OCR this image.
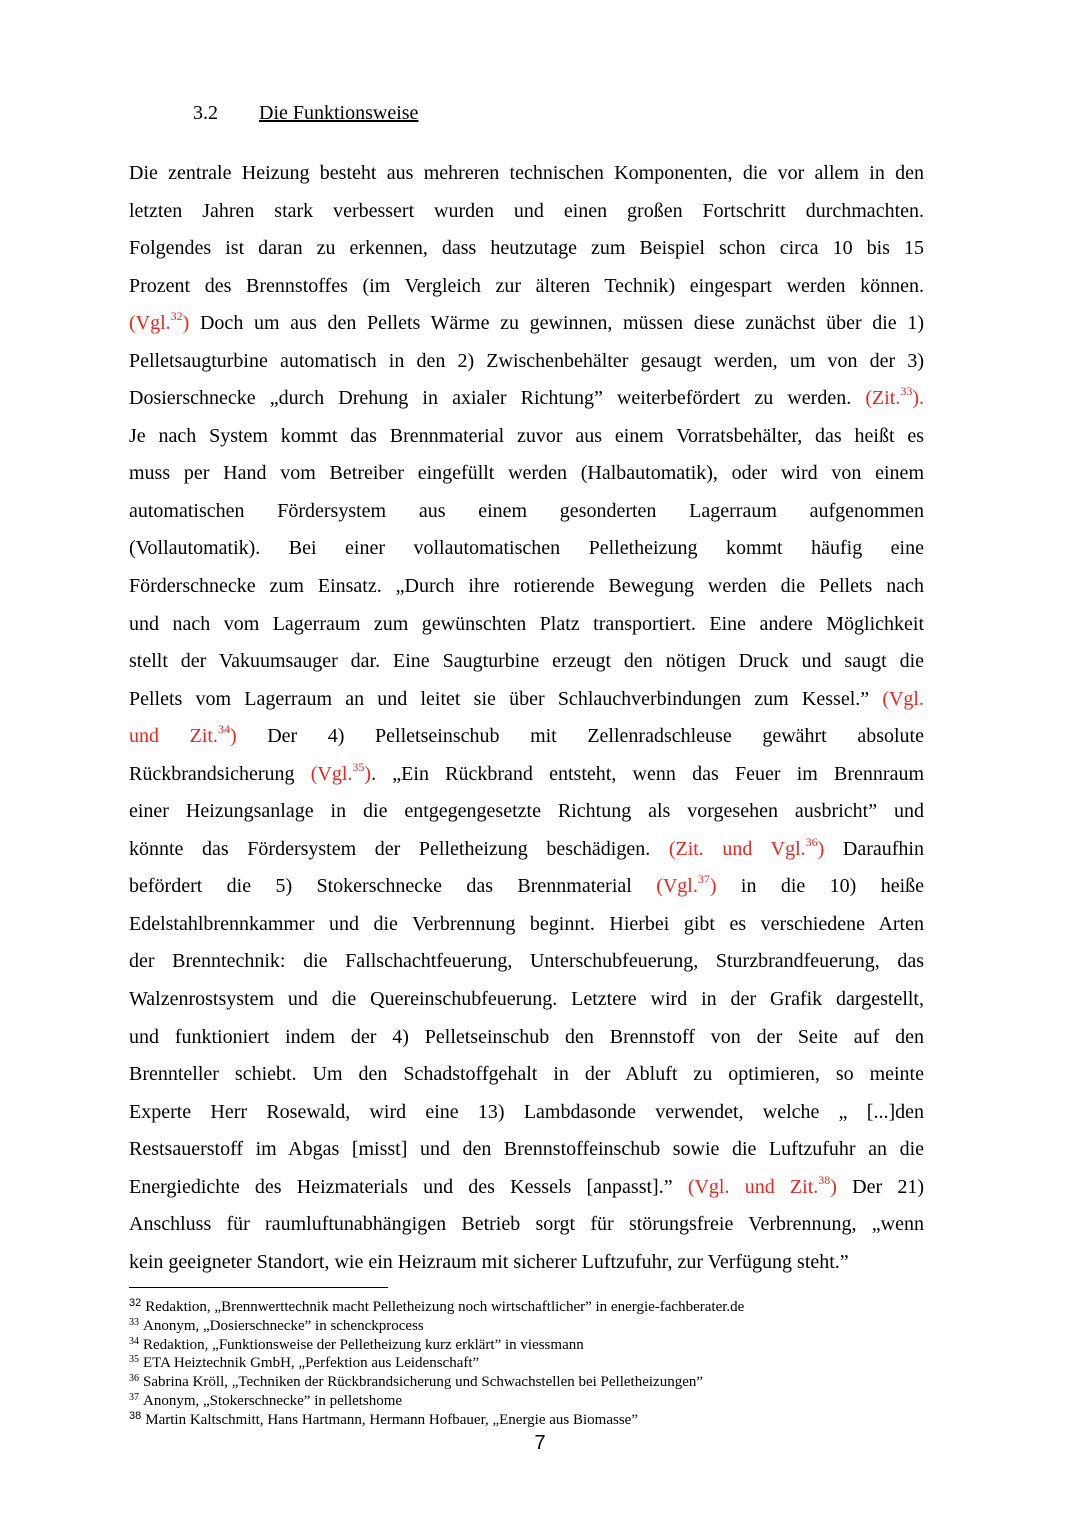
3.2 Die Funktionsweise
Die zentrale Heizung besteht aus mehreren technischen Komponenten, die vor allem in den
letzten Jahren stark verbessert wurden und einen großen Fortschritt durchmachten.
Folgendes ist daran zu erkennen, dass heutzutage zum Beispiel schon circa 10 bis 15
Prozent des Brennstoffes (im Vergleich zur älteren Technik) eingespart werden können.
(Vgl.$^{32}$) Doch um aus den Pellets Wärme zu gewinnen, müssen diese zunächst über die 1)
Pelletsaugturbine automatisch in den 2) Zwischenbehälter gesaugt werden, um von der 3)
Dosierschnecke „durch Drehung in axialer Richtung” weiterbefördert zu werden. (Zit.$^{33}$).
Je nach System kommt das Brennmaterial zuvor aus einem Vorratsbehälter, das heißt es
muss per Hand vom Betreiber eingefüllt werden (Halbautomatik), oder wird von einem
automatischen Fördersystem aus einem gesonderten Lagerraum aufgenommen
(Vollautomatik). Bei einer vollautomatischen Pelletheizung kommt häufig eine
Förderschnecke zum Einsatz. „Durch ihre rotierende Bewegung werden die Pellets nach
und nach vom Lagerraum zum gewünschten Platz transportiert. Eine andere Möglichkeit
stellt der Vakuumsauger dar. Eine Saugturbine erzeugt den nötigen Druck und saugt die
Pellets vom Lagerraum an und leitet sie über Schlauchverbindungen zum Kessel.” (Vgl.
und Zit.$^{34}$) Der 4) Pelletseinschub mit Zellenradschleuse gewährt absolute
Rückbrandsicherung (Vgl.$^{35}$). „Ein Rückbrand entsteht, wenn das Feuer im Brennraum
einer Heizungsanlage in die entgegengesetzte Richtung als vorgesehen ausbricht” und
könnte das Fördersystem der Pelletheizung beschädigen. (Zit. und Vgl.$^{36}$) Daraufhin
befördert die 5) Stokerschnecke das Brennmaterial (Vgl.$^{37}$) in die 10) heiße
Edelstahlbrennkammer und die Verbrennung beginnt. Hierbei gibt es verschiedene Arten
der Brenntechnik: die Fallschachtfeuerung, Unterschubfeuerung, Sturzbrandfeuerung, das
Walzenrostsystem und die Quereinschubfeuerung. Letztere wird in der Grafik dargestellt,
und funktioniert indem der 4) Pelletseinschub den Brennstoff von der Seite auf den
Brennteller schiebt. Um den Schadstoffgehalt in der Abluft zu optimieren, so meinte
Experte Herr Rosewald, wird eine 13) Lambdasonde verwendet, welche „ [...]den
Restsauerstoff im Abgas [misst] und den Brennstoffeinschub sowie die Luftzufuhr an die
Energiedichte des Heizmaterials und des Kessels [anpasst].” (Vgl. und Zit.$^{38}$) Der 21)
Anschluss für raumluftunabhängigen Betrieb sorgt für störungsfreie Verbrennung, „wenn
kein geeigneter Standort, wie ein Heizraum mit sicherer Luftzufuhr, zur Verfügung steht.”
$^{32}$ Redaktion, „Brennwerttechnik macht Pelletheizung noch wirtschaftlicher” in energie-fachberater.de
$^{33}$ Anonym, „Dosierschnecke” in schenckprocess
$^{34}$ Redaktion, „Funktionsweise der Pelletheizung kurz erklärt” in viessmann
$^{35}$ ETA Heiztechnik GmbH, „Perfektion aus Leidenschaft”
$^{36}$ Sabrina Kröll, „Techniken der Rückbrandsicherung und Schwachstellen bei Pelletheizungen”
$^{37}$ Anonym, „Stokerschnecke” in pelletshome
$^{38}$ Martin Kaltschmitt, Hans Hartmann, Hermann Hofbauer, „Energie aus Biomasse”
7
